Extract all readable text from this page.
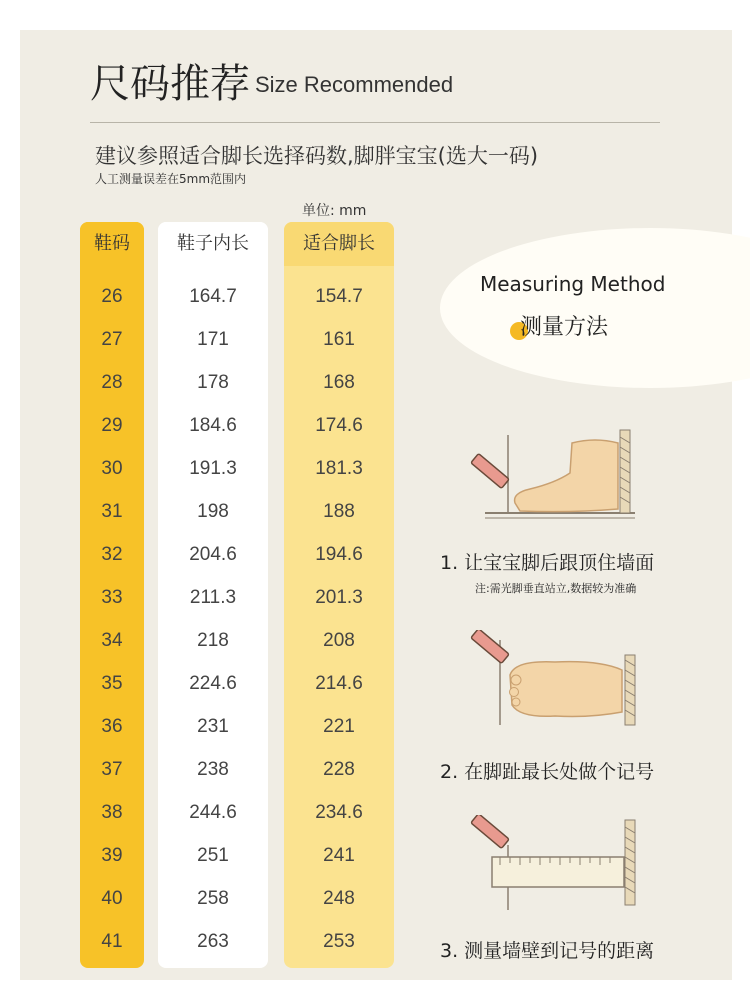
尺码推荐 Size Recommended
建议参照适合脚长选择码数,脚胖宝宝(选大一码)
人工测量误差在5mm范围内
单位: mm
鞋码
26
27
28
29
30
31
32
33
34
35
36
37
38
39
40
41
鞋子内长
164.7
171
178
184.6
191.3
198
204.6
211.3
218
224.6
231
238
244.6
251
258
263
适合脚长
154.7
161
168
174.6
181.3
188
194.6
201.3
208
214.6
221
228
234.6
241
248
253
Measuring Method
测量方法
1. 让宝宝脚后跟顶住墙面
注:需光脚垂直站立,数据较为准确
2. 在脚趾最长处做个记号
3. 测量墙壁到记号的距离
